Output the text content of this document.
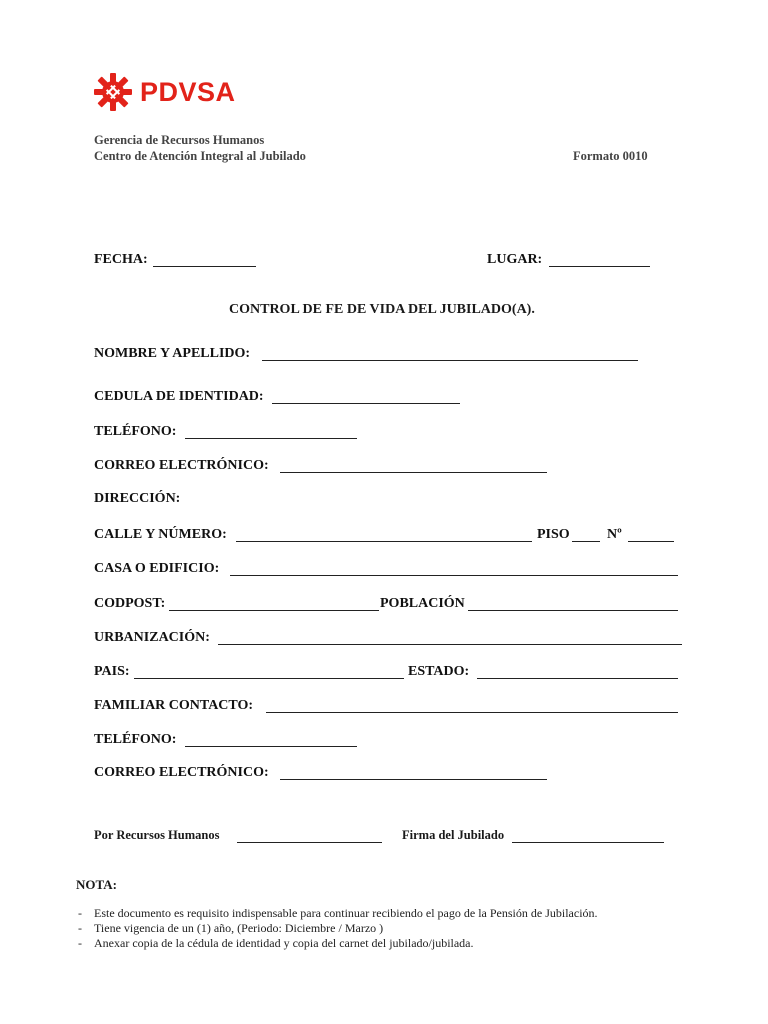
PDVSA
Gerencia de Recursos Humanos
Centro de Atención Integral al Jubilado	Formato 0010
FECHA:	LUGAR:
CONTROL DE FE DE VIDA DEL JUBILADO(A).
NOMBRE Y APELLIDO:
CEDULA DE IDENTIDAD:
TELÉFONO:
CORREO ELECTRÓNICO:
DIRECCIÓN:
CALLE Y NÚMERO:	PISO	Nº
CASA O EDIFICIO:
CODPOST:	POBLACIÓN
URBANIZACIÓN:
PAIS:	ESTADO:
FAMILIAR CONTACTO:
TELÉFONO:
CORREO ELECTRÓNICO:
Por Recursos Humanos	Firma del Jubilado
NOTA:
- Este documento es requisito indispensable para continuar recibiendo el pago de la Pensión de Jubilación.
- Tiene vigencia de un (1) año, (Periodo: Diciembre / Marzo )
- Anexar copia de la cédula de identidad y copia del carnet del jubilado/jubilada.
